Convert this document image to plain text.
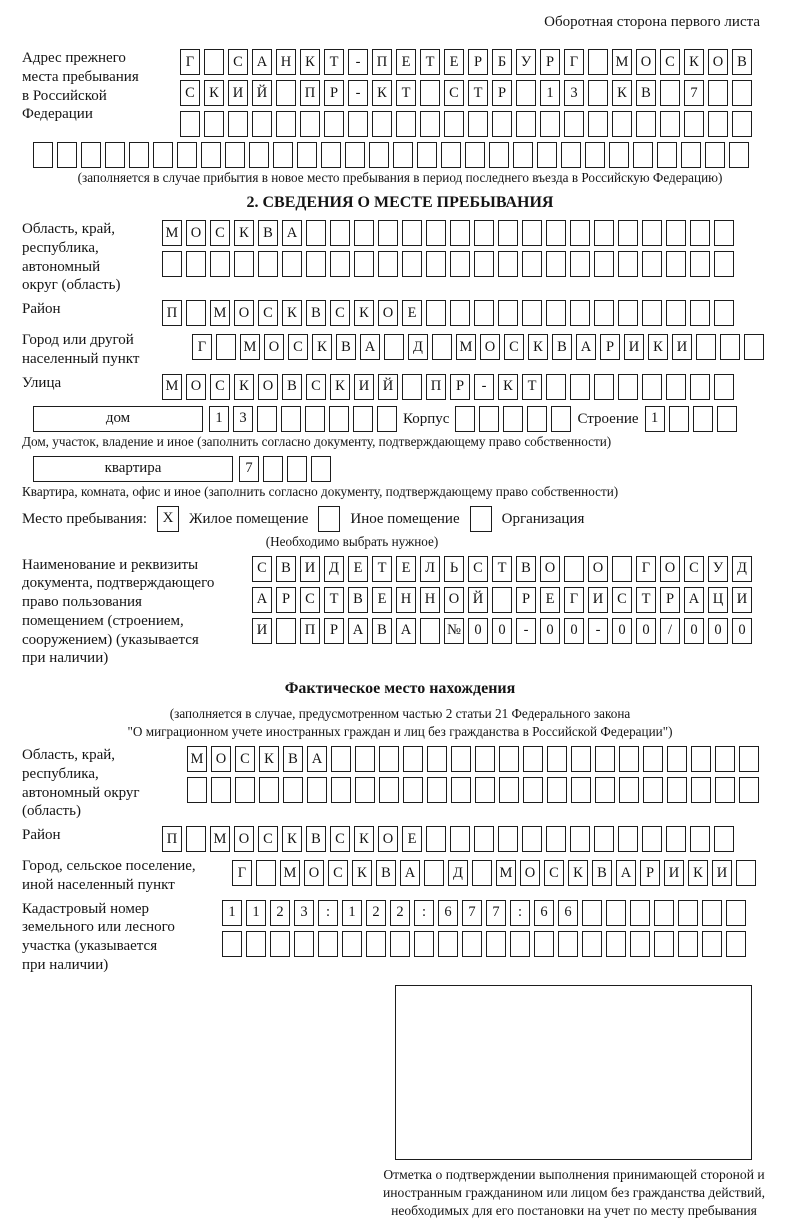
Оборотная сторона первого листа
Адрес прежнего
места пребывания
в Российской
Федерации
Г	С А Н К	Т	-	П Е	Т	Е	Р	Б	У	Р	Г	М О С К О В
С К И Й	П	Р	-	К	Т	С	Т	Р	1	3	К В	7
(заполняется в случае прибытия в новое место пребывания в период последнего въезда в Российскую Федерацию)
2. СВЕДЕНИЯ О МЕСТЕ ПРЕБЫВАНИЯ
Область, край,
республика,
автономный
округ (область)
М О С К В А
Район	П	М О С К В С К О Е
Город или другой
населенный пункт
Г	М О С К В А	Д	М О С К В А	Р	И К И
Улица	М О С К О В С К И Й	П	Р	-	К	Т
дом	1	3	Корпус	Строение 1
Дом, участок, владение и иное (заполнить согласно документу, подтверждающему право собственности)
квартира	7
Квартира, комната, офис и иное (заполнить согласно документу, подтверждающему право собственности)
Место пребывания:	X	Жилое помещение	Иное помещение	Организация
(Необходимо выбрать нужное)
Наименование и реквизиты
документа, подтверждающего
право пользования
помещением (строением,
сооружением) (указывается
при наличии)
С В И Д	Е	Т	Е	Л	Ь	С	Т	В О	О	Г	О С У Д
А	Р	С	Т	В	Е Н Н О Й	Р	Е	Г	И С	Т	Р	А Ц И
И	П	Р	А В А	№ 0	0	-	0	0	-	0	0	/	0	0	0
Фактическое место нахождения
(заполняется в случае, предусмотренном частью 2 статьи 21 Федерального закона
"О миграционном учете иностранных граждан и лиц без гражданства в Российской Федерации")
Область, край,
республика,
автономный округ
(область)
М О С К В А
Район	П	М О С К В С К О Е
Город, сельское поселение,
иной населенный пункт
Г	М О С К В А	Д	М О С К В А	Р	И К И
Кадастровый номер
земельного или лесного
участка (указывается
при наличии)
1	1	2	3	:	1	2	2	:	6	7	7	:	6	6
Отметка о подтверждении выполнения принимающей стороной и иностранным гражданином или лицом без гражданства действий, необходимых для его постановки на учет по месту пребывания
